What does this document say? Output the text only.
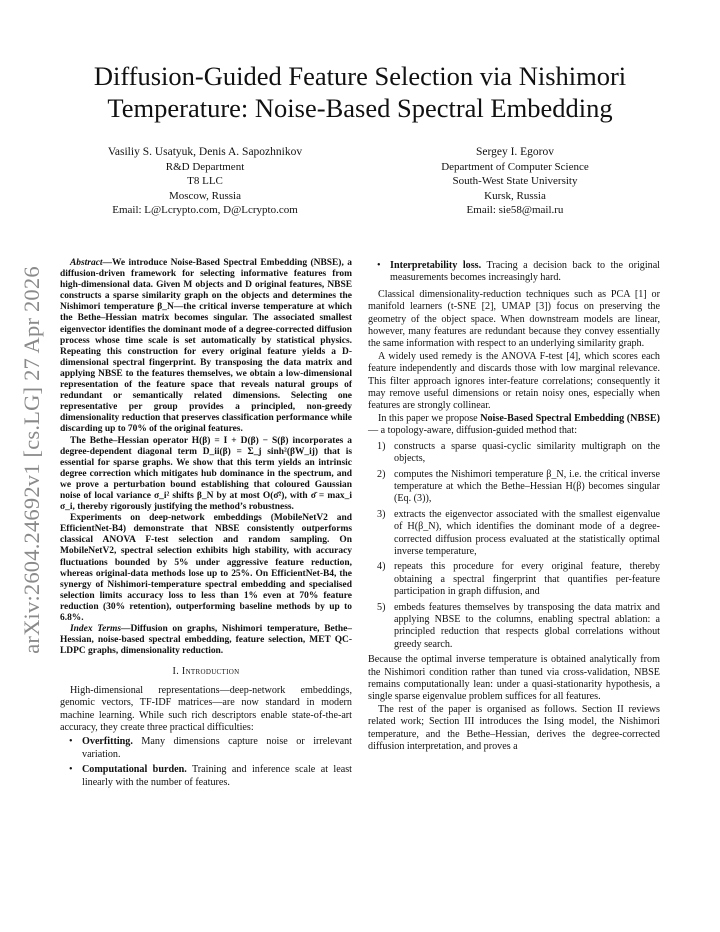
arXiv:2604.24692v1 [cs.LG] 27 Apr 2026
Diffusion-Guided Feature Selection via Nishimori Temperature: Noise-Based Spectral Embedding
Vasiliy S. Usatyuk, Denis A. Sapozhnikov
R&D Department
T8 LLC
Moscow, Russia
Email: L@Lcrypto.com, D@Lcrypto.com
Sergey I. Egorov
Department of Computer Science
South-West State University
Kursk, Russia
Email: sie58@mail.ru

Abstract—We introduce Noise-Based Spectral Embedding (NBSE), a diffusion-driven framework for selecting informative features from high-dimensional data. Given M objects and D original features, NBSE constructs a sparse similarity graph on the objects and determines the Nishimori temperature β_N—the critical inverse temperature at which the Bethe–Hessian matrix becomes singular. The associated smallest eigenvector identifies the dominant mode of a degree-corrected diffusion process whose time scale is set automatically by statistical physics. Repeating this construction for every original feature yields a D-dimensional spectral fingerprint. By transposing the data matrix and applying NBSE to the features themselves, we obtain a low-dimensional representation of the feature space that reveals natural groups of redundant or semantically related dimensions. Selecting one representative per group provides a principled, non-greedy dimensionality reduction that preserves classification performance while discarding up to 70% of the original features.

The Bethe–Hessian operator H(β) = I + D(β) − S(β) incorporates a degree-dependent diagonal term D_ii(β) = Σ_j sinh²(βW_ij) that is essential for sparse graphs. We show that this term yields an intrinsic degree correction which mitigates hub dominance in the spectrum, and we prove a perturbation bound establishing that coloured Gaussian noise of local variance σ_i² shifts β_N by at most O(σ̄²), with σ̄ = max_i σ_i, thereby rigorously justifying the method’s robustness.

Experiments on deep-network embeddings (MobileNetV2 and EfficientNet-B4) demonstrate that NBSE consistently outperforms classical ANOVA F-test selection and random sampling. On MobileNetV2, spectral selection exhibits high stability, with accuracy fluctuations bounded by 5% under aggressive feature reduction, whereas original-data methods lose up to 25%. On EfficientNet-B4, the synergy of Nishimori-temperature spectral embedding and specialised selection limits accuracy loss to less than 1% even at 70% feature reduction (30% retention), outperforming baseline methods by up to 6.8%.

Index Terms—Diffusion on graphs, Nishimori temperature, Bethe–Hessian, noise-based spectral embedding, feature selection, MET QC-LDPC graphs, dimensionality reduction.

I. Introduction

High-dimensional representations—deep-network embeddings, genomic vectors, TF-IDF matrices—are now standard in modern machine learning. While such rich descriptors enable state-of-the-art accuracy, they create three practical difficulties:

• Overfitting. Many dimensions capture noise or irrelevant variation.
• Computational burden. Training and inference scale at least linearly with the number of features.
• Interpretability loss. Tracing a decision back to the original measurements becomes increasingly hard.

Classical dimensionality-reduction techniques such as PCA [1] or manifold learners (t-SNE [2], UMAP [3]) focus on preserving the geometry of the object space. When downstream models are linear, however, many features are redundant because they convey essentially the same information with respect to an underlying similarity graph.

A widely used remedy is the ANOVA F-test [4], which scores each feature independently and discards those with low marginal relevance. This filter approach ignores inter-feature correlations; consequently it may remove useful dimensions or retain noisy ones, especially when features are strongly collinear.

In this paper we propose Noise-Based Spectral Embedding (NBSE)— a topology-aware, diffusion-guided method that:

1) constructs a sparse quasi-cyclic similarity multigraph on the objects,
2) computes the Nishimori temperature β_N, i.e. the critical inverse temperature at which the Bethe–Hessian H(β) becomes singular (Eq. (3)),
3) extracts the eigenvector associated with the smallest eigenvalue of H(β_N), which identifies the dominant mode of a degree-corrected diffusion process evaluated at the statistically optimal inverse temperature,
4) repeats this procedure for every original feature, thereby obtaining a spectral fingerprint that quantifies per-feature participation in graph diffusion, and
5) embeds features themselves by transposing the data matrix and applying NBSE to the columns, enabling spectral ablation: a principled reduction that respects global correlations without greedy search.

Because the optimal inverse temperature is obtained analytically from the Nishimori condition rather than tuned via cross-validation, NBSE remains computationally lean: under a quasi-stationarity hypothesis, a single sparse eigenvalue problem suffices for all features.

The rest of the paper is organised as follows. Section II reviews related work; Section III introduces the Ising model, the Nishimori temperature, and the Bethe–Hessian, derives the degree-corrected diffusion interpretation, and proves a
